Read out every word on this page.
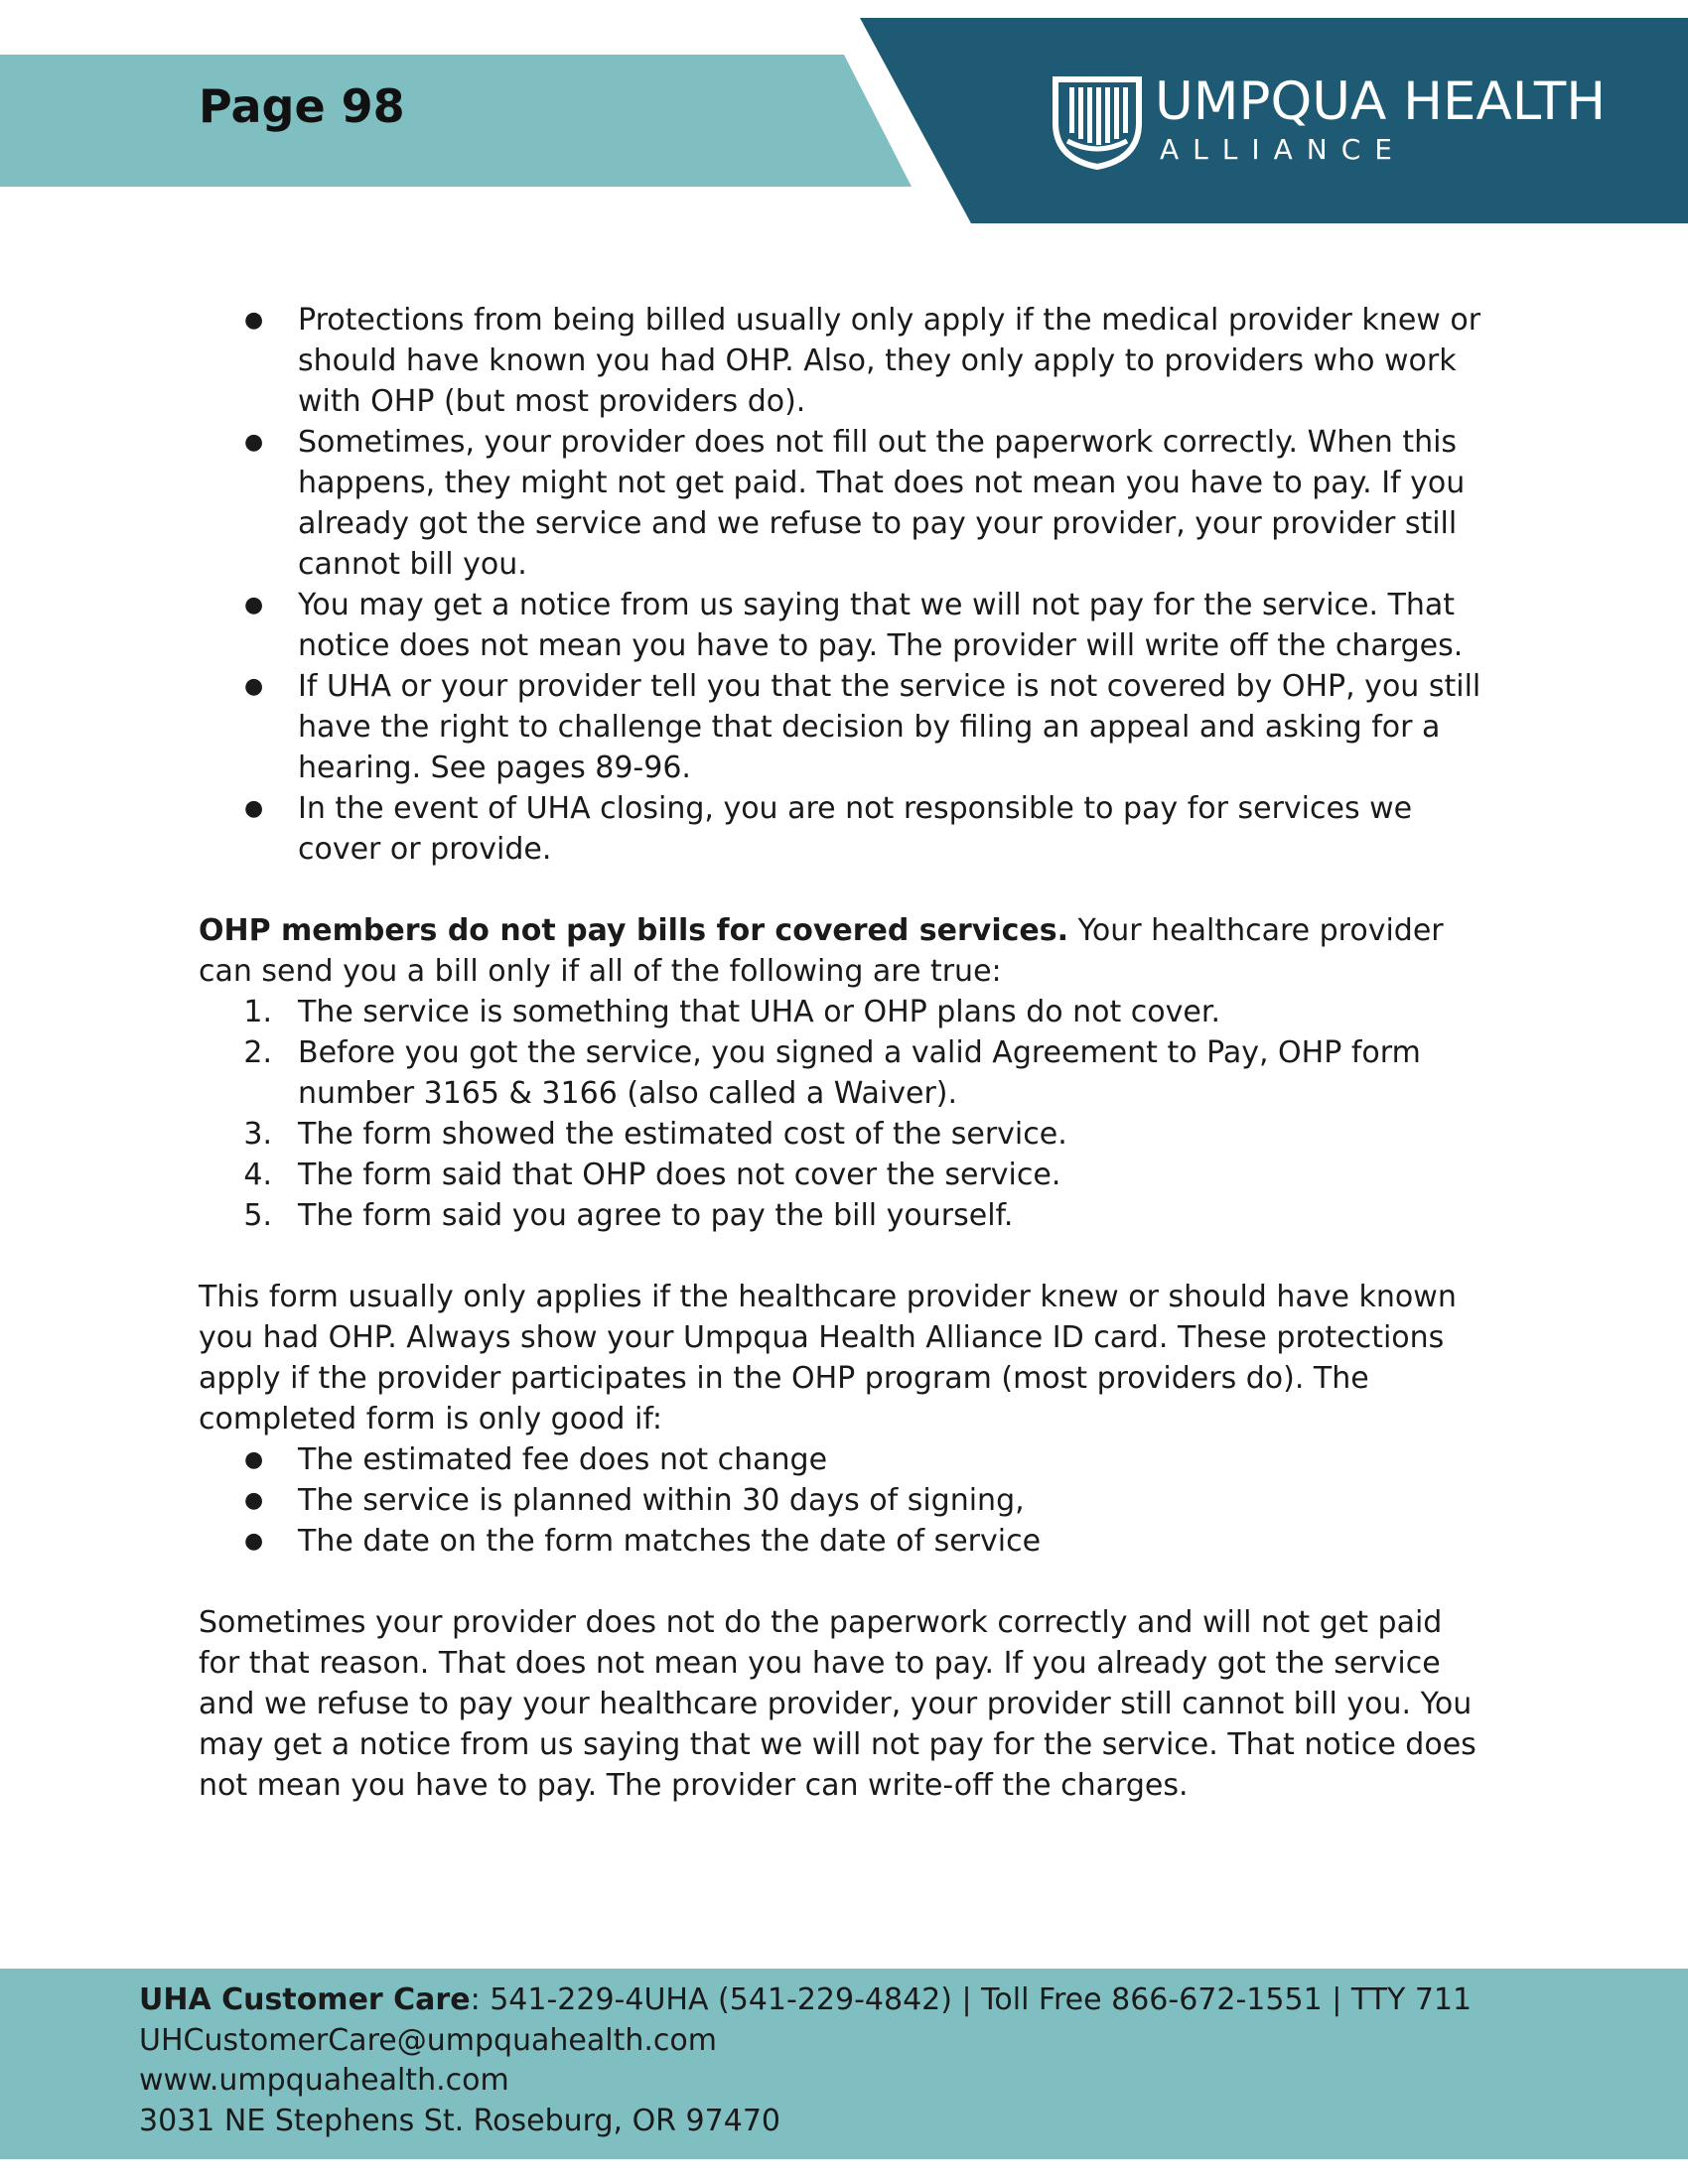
Page 98	UMPQUA HEALTH
ALLIANCE
●	Protections from being billed usually only apply if the medical provider knew or should have known you had OHP. Also, they only apply to providers who work with OHP (but most providers do).
●	Sometimes, your provider does not fill out the paperwork correctly. When this happens, they might not get paid. That does not mean you have to pay. If you already got the service and we refuse to pay your provider, your provider still cannot bill you.
●	You may get a notice from us saying that we will not pay for the service. That notice does not mean you have to pay. The provider will write off the charges.
●	If UHA or your provider tell you that the service is not covered by OHP, you still have the right to challenge that decision by filing an appeal and asking for a hearing. See pages 89-96.
●	In the event of UHA closing, you are not responsible to pay for services we cover or provide.

OHP members do not pay bills for covered services. Your healthcare provider can send you a bill only if all of the following are true:

1. The service is something that UHA or OHP plans do not cover.
2. Before you got the service, you signed a valid Agreement to Pay, OHP form number 3165 & 3166 (also called a Waiver).
3. The form showed the estimated cost of the service.
4. The form said that OHP does not cover the service.
5. The form said you agree to pay the bill yourself.

This form usually only applies if the healthcare provider knew or should have known you had OHP. Always show your Umpqua Health Alliance ID card. These protections apply if the provider participates in the OHP program (most providers do). The completed form is only good if:

●	The estimated fee does not change
●	The service is planned within 30 days of signing,
●	The date on the form matches the date of service

Sometimes your provider does not do the paperwork correctly and will not get paid for that reason. That does not mean you have to pay. If you already got the service and we refuse to pay your healthcare provider, your provider still cannot bill you. You may get a notice from us saying that we will not pay for the service. That notice does not mean you have to pay. The provider can write-off the charges.

UHA Customer Care: 541-229-4UHA (541-229-4842) | Toll Free 866-672-1551 | TTY 711
UHCustomerCare@umpquahealth.com
www.umpquahealth.com
3031 NE Stephens St. Roseburg, OR 97470
